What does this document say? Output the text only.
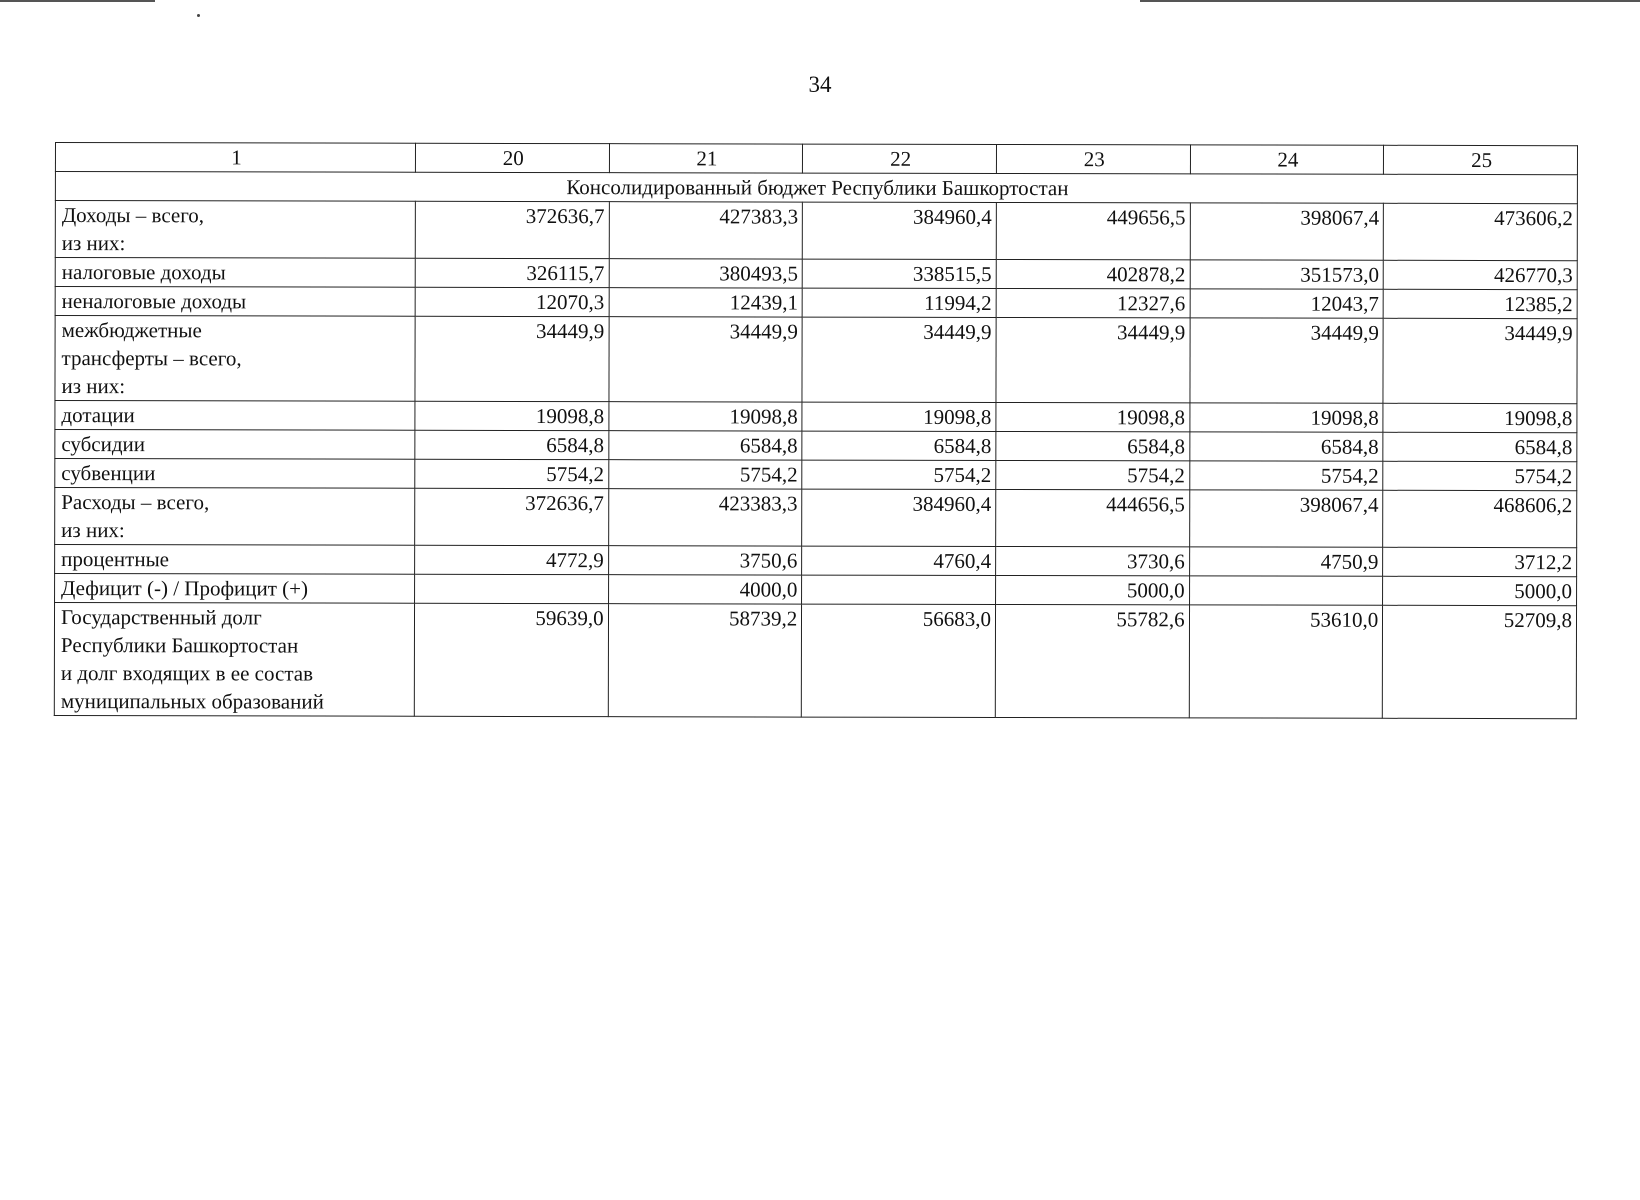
34
1	20	21	22	23	24	25
Консолидированный бюджет Республики Башкортостан						

Доходы – всего,
из них:	372636,7	427383,3	384960,4	449656,5	398067,4	473606,2

налоговые доходы	326115,7	380493,5	338515,5	402878,2	351573,0	426770,3

неналоговые доходы	12070,3	12439,1	11994,2	12327,6	12043,7	12385,2

межбюджетные
трансферты – всего,
из них:	34449,9	34449,9	34449,9	34449,9	34449,9	34449,9

дотации	19098,8	19098,8	19098,8	19098,8	19098,8	19098,8

субсидии	6584,8	6584,8	6584,8	6584,8	6584,8	6584,8

субвенции	5754,2	5754,2	5754,2	5754,2	5754,2	5754,2

Расходы – всего,
из них:	372636,7	423383,3	384960,4	444656,5	398067,4	468606,2

процентные	4772,9	3750,6	4760,4	3730,6	4750,9	3712,2

Дефицит (-) / Профицит (+)		4000,0		5000,0		5000,0

Государственный долг
Республики Башкортостан
и долг входящих в ее состав
муниципальных образований	59639,0	58739,2	56683,0	55782,6	53610,0	52709,8
